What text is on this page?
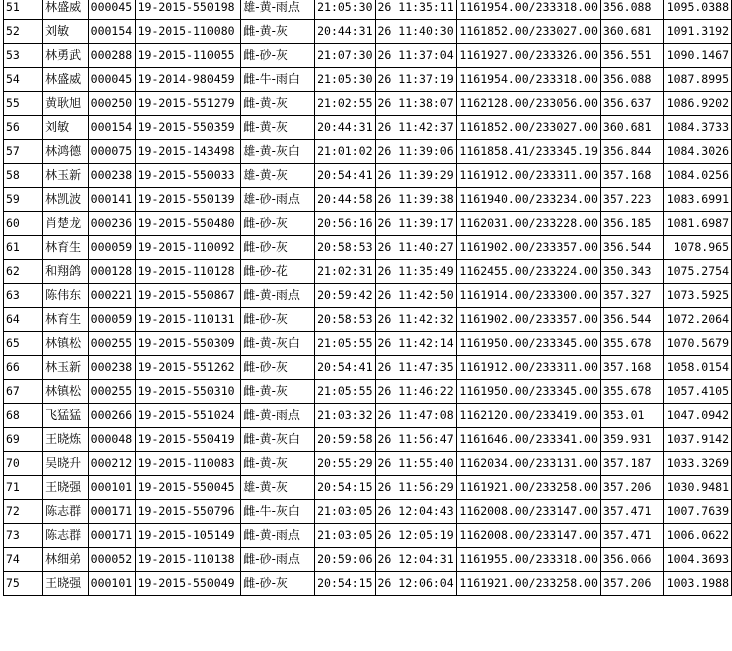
51	林盛威	000045	19-2015-550198	雄-黄-雨点	21:05:30	26 11:35:11	1161954.00/233318.00	356.088	1095.0388
52	刘敏	000154	19-2015-110080	雌-黄-灰	20:44:31	26 11:40:30	1161852.00/233027.00	360.681	1091.3192
53	林勇武	000288	19-2015-110055	雌-砂-灰	21:07:30	26 11:37:04	1161927.00/233326.00	356.551	1090.1467
54	林盛威	000045	19-2014-980459	雌-牛-雨白	21:05:30	26 11:37:19	1161954.00/233318.00	356.088	1087.8995
55	黄耿旭	000250	19-2015-551279	雌-黄-灰	21:02:55	26 11:38:07	1162128.00/233056.00	356.637	1086.9202
56	刘敏	000154	19-2015-550359	雌-黄-灰	20:44:31	26 11:42:37	1161852.00/233027.00	360.681	1084.3733
57	林鸿德	000075	19-2015-143498	雄-黄-灰白	21:01:02	26 11:39:06	1161858.41/233345.19	356.844	1084.3026
58	林玉新	000238	19-2015-550033	雄-黄-灰	20:54:41	26 11:39:29	1161912.00/233311.00	357.168	1084.0256
59	林凯波	000141	19-2015-550139	雄-砂-雨点	20:44:58	26 11:39:38	1161940.00/233234.00	357.223	1083.6991
60	肖楚龙	000236	19-2015-550480	雌-砂-灰	20:56:16	26 11:39:17	1162031.00/233228.00	356.185	1081.6987
61	林育生	000059	19-2015-110092	雌-砂-灰	20:58:53	26 11:40:27	1161902.00/233357.00	356.544	1078.965
62	和翔鸽	000128	19-2015-110128	雌-砂-花	21:02:31	26 11:35:49	1162455.00/233224.00	350.343	1075.2754
63	陈伟东	000221	19-2015-550867	雌-黄-雨点	20:59:42	26 11:42:50	1161914.00/233300.00	357.327	1073.5925
64	林育生	000059	19-2015-110131	雌-砂-灰	20:58:53	26 11:42:32	1161902.00/233357.00	356.544	1072.2064
65	林镇松	000255	19-2015-550309	雌-黄-灰白	21:05:55	26 11:42:14	1161950.00/233345.00	355.678	1070.5679
66	林玉新	000238	19-2015-551262	雌-砂-灰	20:54:41	26 11:47:35	1161912.00/233311.00	357.168	1058.0154
67	林镇松	000255	19-2015-550310	雌-黄-灰	21:05:55	26 11:46:22	1161950.00/233345.00	355.678	1057.4105
68	飞猛猛	000266	19-2015-551024	雌-黄-雨点	21:03:32	26 11:47:08	1162120.00/233419.00	353.01	1047.0942
69	王晓炼	000048	19-2015-550419	雌-黄-灰白	20:59:58	26 11:56:47	1161646.00/233341.00	359.931	1037.9142
70	吴晓升	000212	19-2015-110083	雌-黄-灰	20:55:29	26 11:55:40	1162034.00/233131.00	357.187	1033.3269
71	王晓强	000101	19-2015-550045	雄-黄-灰	20:54:15	26 11:56:29	1161921.00/233258.00	357.206	1030.9481
72	陈志群	000171	19-2015-550796	雌-牛-灰白	21:03:05	26 12:04:43	1162008.00/233147.00	357.471	1007.7639
73	陈志群	000171	19-2015-105149	雌-黄-雨点	21:03:05	26 12:05:19	1162008.00/233147.00	357.471	1006.0622
74	林细弟	000052	19-2015-110138	雌-砂-雨点	20:59:06	26 12:04:31	1161955.00/233318.00	356.066	1004.3693
75	王晓强	000101	19-2015-550049	雌-砂-灰	20:54:15	26 12:06:04	1161921.00/233258.00	357.206	1003.1988
